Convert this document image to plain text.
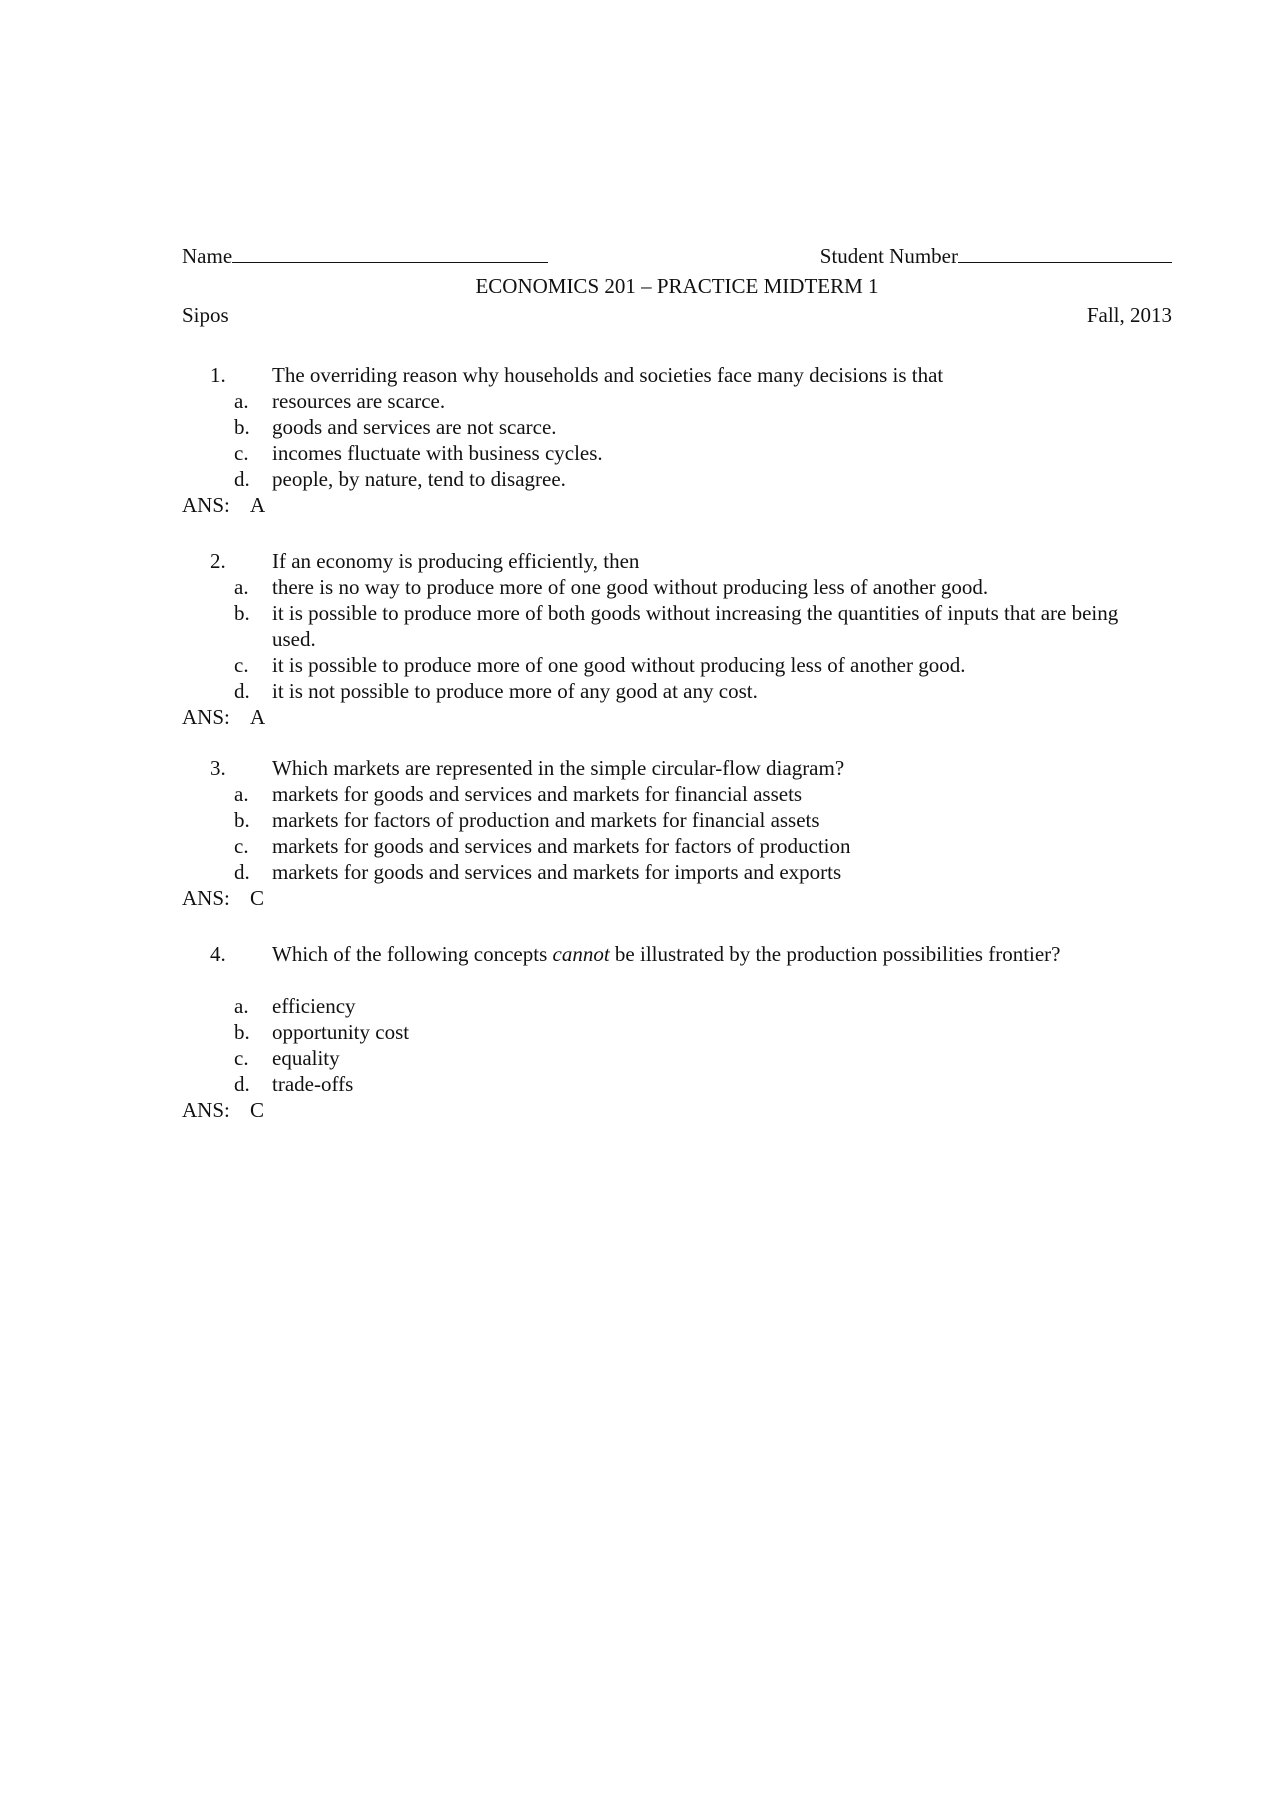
Name	Student Number
ECONOMICS 201 – PRACTICE MIDTERM 1
Sipos	Fall, 2013
1.	The overriding reason why households and societies face many decisions is that
a.	resources are scarce.
b.	goods and services are not scarce.
c.	incomes fluctuate with business cycles.
d.	people, by nature, tend to disagree.
ANS: A
2.	If an economy is producing efficiently, then
a.	there is no way to produce more of one good without producing less of another good.
b.	it is possible to produce more of both goods without increasing the quantities of inputs that are being used.
c.	it is possible to produce more of one good without producing less of another good.
d.	it is not possible to produce more of any good at any cost.
ANS: A
3.	Which markets are represented in the simple circular-flow diagram?
a.	markets for goods and services and markets for financial assets
b.	markets for factors of production and markets for financial assets
c.	markets for goods and services and markets for factors of production
d.	markets for goods and services and markets for imports and exports
ANS: C
4.	Which of the following concepts cannot be illustrated by the production possibilities frontier?
a.	efficiency
b.	opportunity cost
c.	equality
d.	trade-offs
ANS: C
